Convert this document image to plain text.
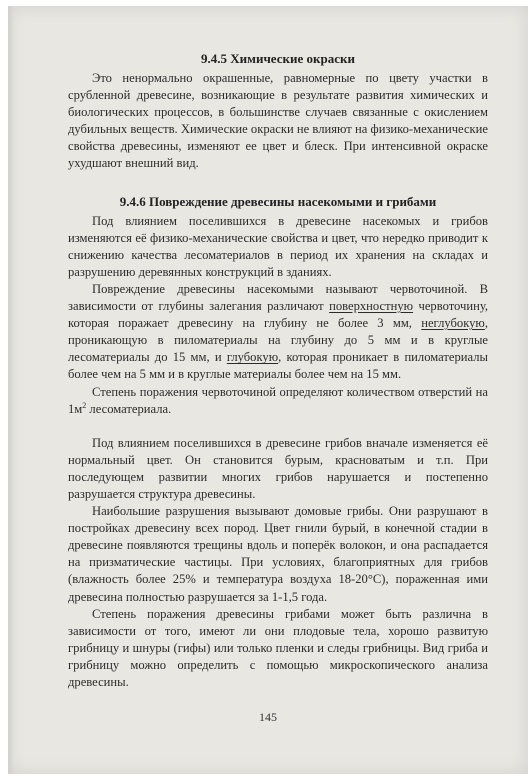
9.4.5 Химические окраски

Это ненормально окрашенные, равномерные по цвету участки в срубленной древесине, возникающие в результате развития химических и биологических процессов, в большинстве случаев связанные с окислением дубильных веществ. Химические окраски не влияют на физико-механические свойства древесины, изменяют ее цвет и блеск. При интенсивной окраске ухудшают внешний вид.

9.4.6 Повреждение древесины насекомыми и грибами

Под влиянием поселившихся в древесине насекомых и грибов изменяются её физико-механические свойства и цвет, что нередко приводит к снижению качества лесоматериалов в период их хранения на складах и разрушению деревянных конструкций в зданиях.

Повреждение древесины насекомыми называют червоточиной. В зависимости от глубины залегания различают поверхностную червоточину, которая поражает древесину на глубину не более 3 мм, неглубокую, проникающую в пиломатериалы на глубину до 5 мм и в круглые лесоматериалы до 15 мм, и глубокую, которая проникает в пиломатериалы более чем на 5 мм и в круглые материалы более чем на 15 мм.

Степень поражения червоточиной определяют количеством отверстий на $1м^2$ лесоматериала.

Под влиянием поселившихся в древесине грибов вначале изменяется её нормальный цвет. Он становится бурым, красноватым и т.п. При последующем развитии многих грибов нарушается и постепенно разрушается структура древесины.

Наибольшие разрушения вызывают домовые грибы. Они разрушают в постройках древесину всех пород. Цвет гнили бурый, в конечной стадии в древесине появляются трещины вдоль и поперёк волокон, и она распадается на призматические частицы. При условиях, благоприятных для грибов (влажность более 25% и температура воздуха 18-20°С), пораженная ими древесина полностью разрушается за 1-1,5 года.

Степень поражения древесины грибами может быть различна в зависимости от того, имеют ли они плодовые тела, хорошо развитую грибницу и шнуры (гифы) или только пленки и следы грибницы. Вид гриба и грибницу можно определить с помощью микроскопического анализа древесины.

145
